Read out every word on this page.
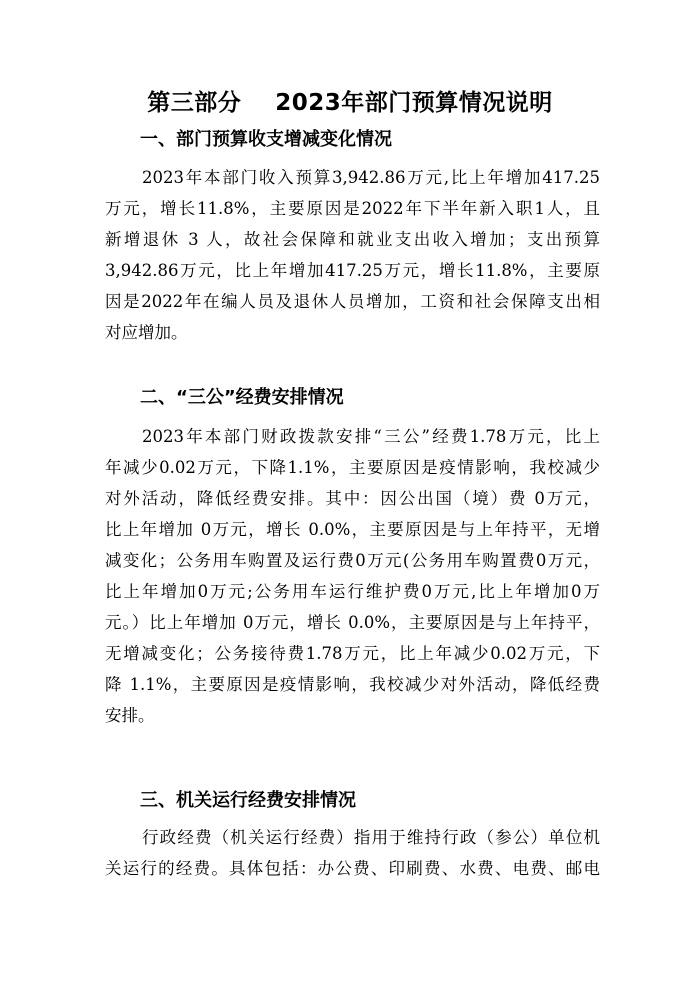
第三部分    2023年部门预算情况说明
一、部门预算收支增减变化情况
2023年本部门收入预算3,942.86万元,比上年增加417.25
万元，增长11.8%，主要原因是2022年下半年新入职1人，且
新增退休 3 人，故社会保障和就业支出收入增加；支出预算
3,942.86万元，比上年增加417.25万元，增长11.8%，主要原
因是2022年在编人员及退休人员增加，工资和社会保障支出相
对应增加。
二、“三公”经费安排情况
2023年本部门财政拨款安排“三公”经费1.78万元，比上
年减少0.02万元，下降1.1%，主要原因是疫情影响，我校减少
对外活动，降低经费安排。其中：因公出国（境）费 0万元，
比上年增加 0万元，增长 0.0%，主要原因是与上年持平，无增
减变化；公务用车购置及运行费0万元(公务用车购置费0万元，
比上年增加0万元;公务用车运行维护费0万元,比上年增加0万
元。）比上年增加 0万元，增长 0.0%，主要原因是与上年持平，
无增减变化；公务接待费1.78万元，比上年减少0.02万元，下
降 1.1%，主要原因是疫情影响，我校减少对外活动，降低经费
安排。
三、机关运行经费安排情况
行政经费（机关运行经费）指用于维持行政（参公）单位机
关运行的经费。具体包括：办公费、印刷费、水费、电费、邮电
